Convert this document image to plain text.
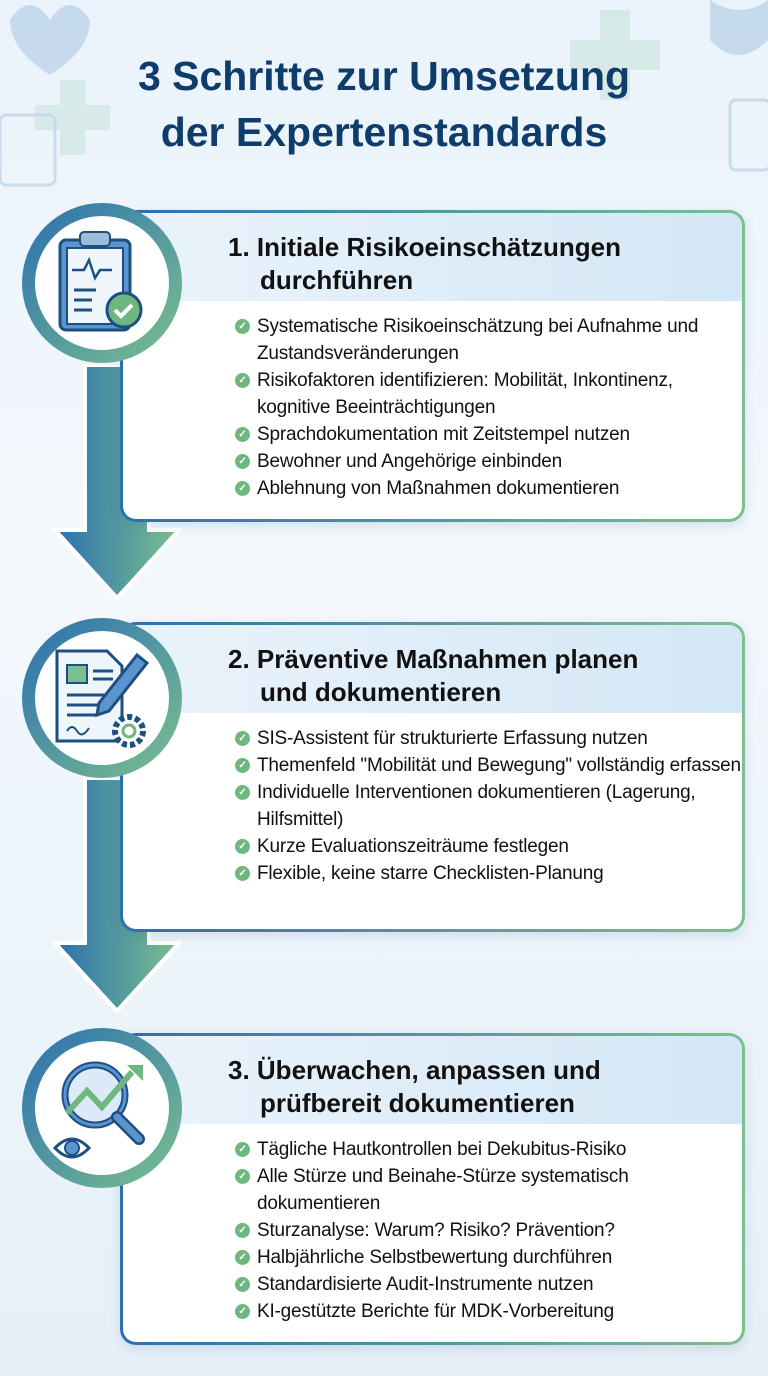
3 Schritte zur Umsetzung
der Expertenstandards
1. Initiale Risikoeinschätzungen
durchführen
✓ Systematische Risikoeinschätzung bei Aufnahme und Zustandsveränderungen
✓ Risikofaktoren identifizieren: Mobilität, Inkontinenz, kognitive Beeinträchtigungen
✓ Sprachdokumentation mit Zeitstempel nutzen
✓ Bewohner und Angehörige einbinden
✓ Ablehnung von Maßnahmen dokumentieren
2. Präventive Maßnahmen planen
und dokumentieren
✓ SIS-Assistent für strukturierte Erfassung nutzen
✓ Themenfeld "Mobilität und Bewegung" vollständig erfassen
✓ Individuelle Interventionen dokumentieren (Lagerung, Hilfsmittel)
✓ Kurze Evaluationszeiträume festlegen
✓ Flexible, keine starre Checklisten-Planung
3. Überwachen, anpassen und
prüfbereit dokumentieren
✓ Tägliche Hautkontrollen bei Dekubitus-Risiko
✓ Alle Stürze und Beinahe-Stürze systematisch dokumentieren
✓ Sturzanalyse: Warum? Risiko? Prävention?
✓ Halbjährliche Selbstbewertung durchführen
✓ Standardisierte Audit-Instrumente nutzen
✓ KI-gestützte Berichte für MDK-Vorbereitung
